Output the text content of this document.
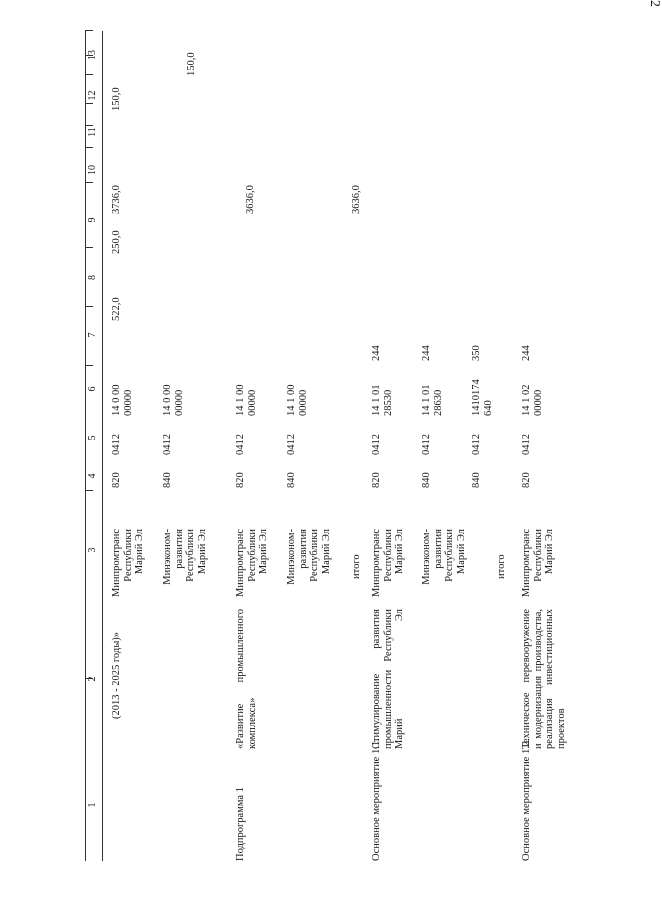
2
1
2
3
4
5
6
7
8
9
10
11
12
13
(2013 - 2025 годы)»
Минпромтранс
Республики
Марий Эл
820
0412
14 0 00
00000
522,0
250,0
3736,0
150,0
Минэконом-
развития
Республики
Марий Эл
840
0412
14 0 00
00000
150,0
Подпрограмма 1
«Развитие промышленного
комплекса»
Минпромтранс
Республики
Марий Эл
820
0412
14 1 00
00000
3636,0
Минэконом-
развития
Республики
Марий Эл
840
0412
14 1 00
00000
итого
3636,0
Основное мероприятие 1.1.
Стимулирование развития
промышленности Республики
Марий Эл
Минпромтранс
Республики
Марий Эл
820
0412
14 1 01
28530
244
Минэконом-
развития
Республики
Марий Эл
840
0412
14 1 01
28630
244
840
0412
1410174
640
350
итого
Основное мероприятие 1.2.
Техническое перевооружение
и модернизация производства,
реализация инвестиционных
проектов
Минпромтранс
Республики
Марий Эл
820
0412
14 1 02
00000
244
